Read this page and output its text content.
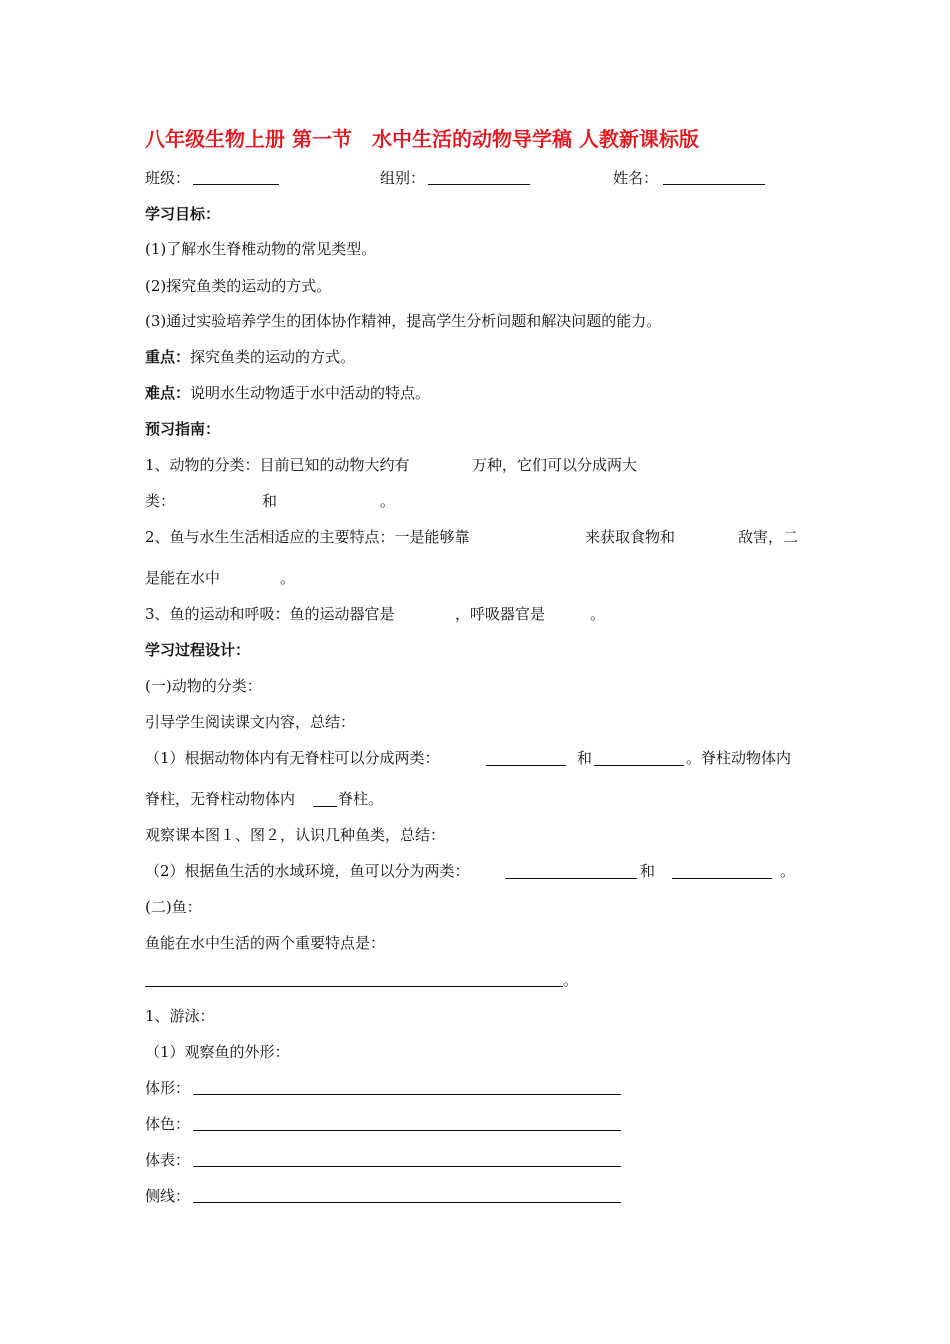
八年级生物上册 第一节　水中生活的动物导学稿 人教新课标版
班级：	组别：	姓名：
学习目标：
(1)了解水生脊椎动物的常见类型。
(2)探究鱼类的运动的方式。
(3)通过实验培养学生的团体协作精神，提高学生分析问题和解决问题的能力。
重点：探究鱼类的运动的方式。
难点：说明水生动物适于水中活动的特点。
预习指南：
1、动物的分类：目前已知的动物大约有	万种，它们可以分成两大
类：	和	。
2、鱼与水生生活相适应的主要特点：一是能够靠	来获取食物和	敌害，二
是能在水中	。
3、鱼的运动和呼吸：鱼的运动器官是	，呼吸器官是	。
学习过程设计：
(一)动物的分类：
引导学生阅读课文内容，总结：
（1）根据动物体内有无脊柱可以分成两类：	和	。脊柱动物体内
脊柱，无脊柱动物体内	脊柱。
观察课本图１、图２，认识几种鱼类，总结：
（2）根据鱼生活的水域环境，鱼可以分为两类：	和	。
(二)鱼：
鱼能在水中生活的两个重要特点是：
。
1、游泳：
（1）观察鱼的外形：
体形：
体色：
体表：
侧线：
